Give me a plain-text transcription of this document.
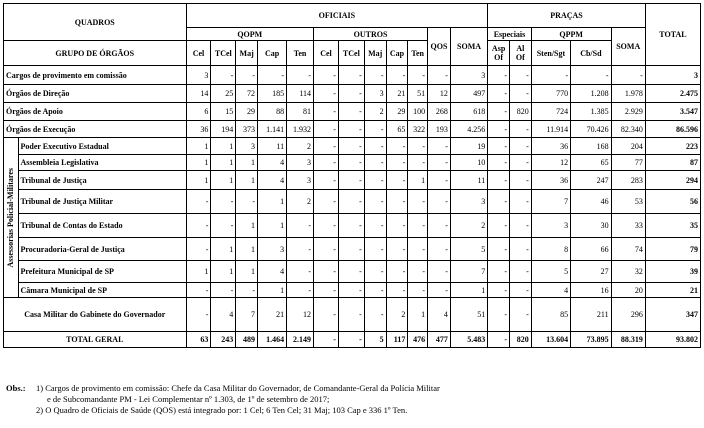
QUADROS		OFICIAIS												PRAÇAS					TOTAL
		QOPM					OUTROS					QOS	SOMA	Especiais		QPPM		SOMA	
GRUPO DE ÓRGÃOS		Cel	TCel	Maj	Cap	Ten	Cel	TCel	Maj	Cap	Ten			Asp Of	Al Of	Sten/Sgt	Cb/Sd		

Cargos de provimento em comissão		3	-	-	-	-	-	-	-	-	-	-	3	-	-	-	-	-	3
Órgãos de Direção		14	25	72	185	114	-	-	3	21	51	12	497	-	-	770	1.208	1.978	2.475
Órgãos de Apoio		6	15	29	88	81	-	-	2	29	100	268	618	-	820	724	1.385	2.929	3.547
Órgãos de Execução		36	194	373	1.141	1.932	-	-	-	65	322	193	4.256	-	-	11.914	70.426	82.340	86.596

Assessorias Policial-Militares	Poder Executivo Estadual	1	1	3	11	2	-	-	-	-	-	-	19	-	-	36	168	204	223
	Assembleia Legislativa	1	1	1	4	3	-	-	-	-	-	-	10	-	-	12	65	77	87
	Tribunal de Justiça	1	1	1	4	3	-	-	-	-	1	-	11	-	-	36	247	283	294
	Tribunal de Justiça Militar	-	-	-	1	2	-	-	-	-	-	-	3	-	-	7	46	53	56
	Tribunal de Contas do Estado	-	-	1	1	-	-	-	-	-	-	-	2	-	-	3	30	33	35
	Procuradoria-Geral de Justiça	-	1	1	3	-	-	-	-	-	-	-	5	-	-	8	66	74	79
	Prefeitura Municipal de SP	1	1	1	4	-	-	-	-	-	-	-	7	-	-	5	27	32	39
	Câmara Municipal de SP	-	-	-	1	-	-	-	-	-	-	-	1	-	-	4	16	20	21
Casa Militar do Gabinete do Governador		-	4	7	21	12	-	-	-	2	1	4	51	-	-	85	211	296	347
TOTAL GERAL		63	243	489	1.464	2.149	-	-	5	117	476	477	5.483	-	820	13.604	73.895	88.319	93.802
Obs.:	1) Cargos de provimento em comissão: Chefe da Casa Militar do Governador, de Comandante-Geral da Polícia Militar
e de Subcomandante PM - Lei Complementar nº 1.303, de 1º de setembro de 2017;
2) O Quadro de Oficiais de Saúde (QOS) está integrado por: 1 Cel; 6 Ten Cel; 31 Maj; 103 Cap e 336 1º Ten.
